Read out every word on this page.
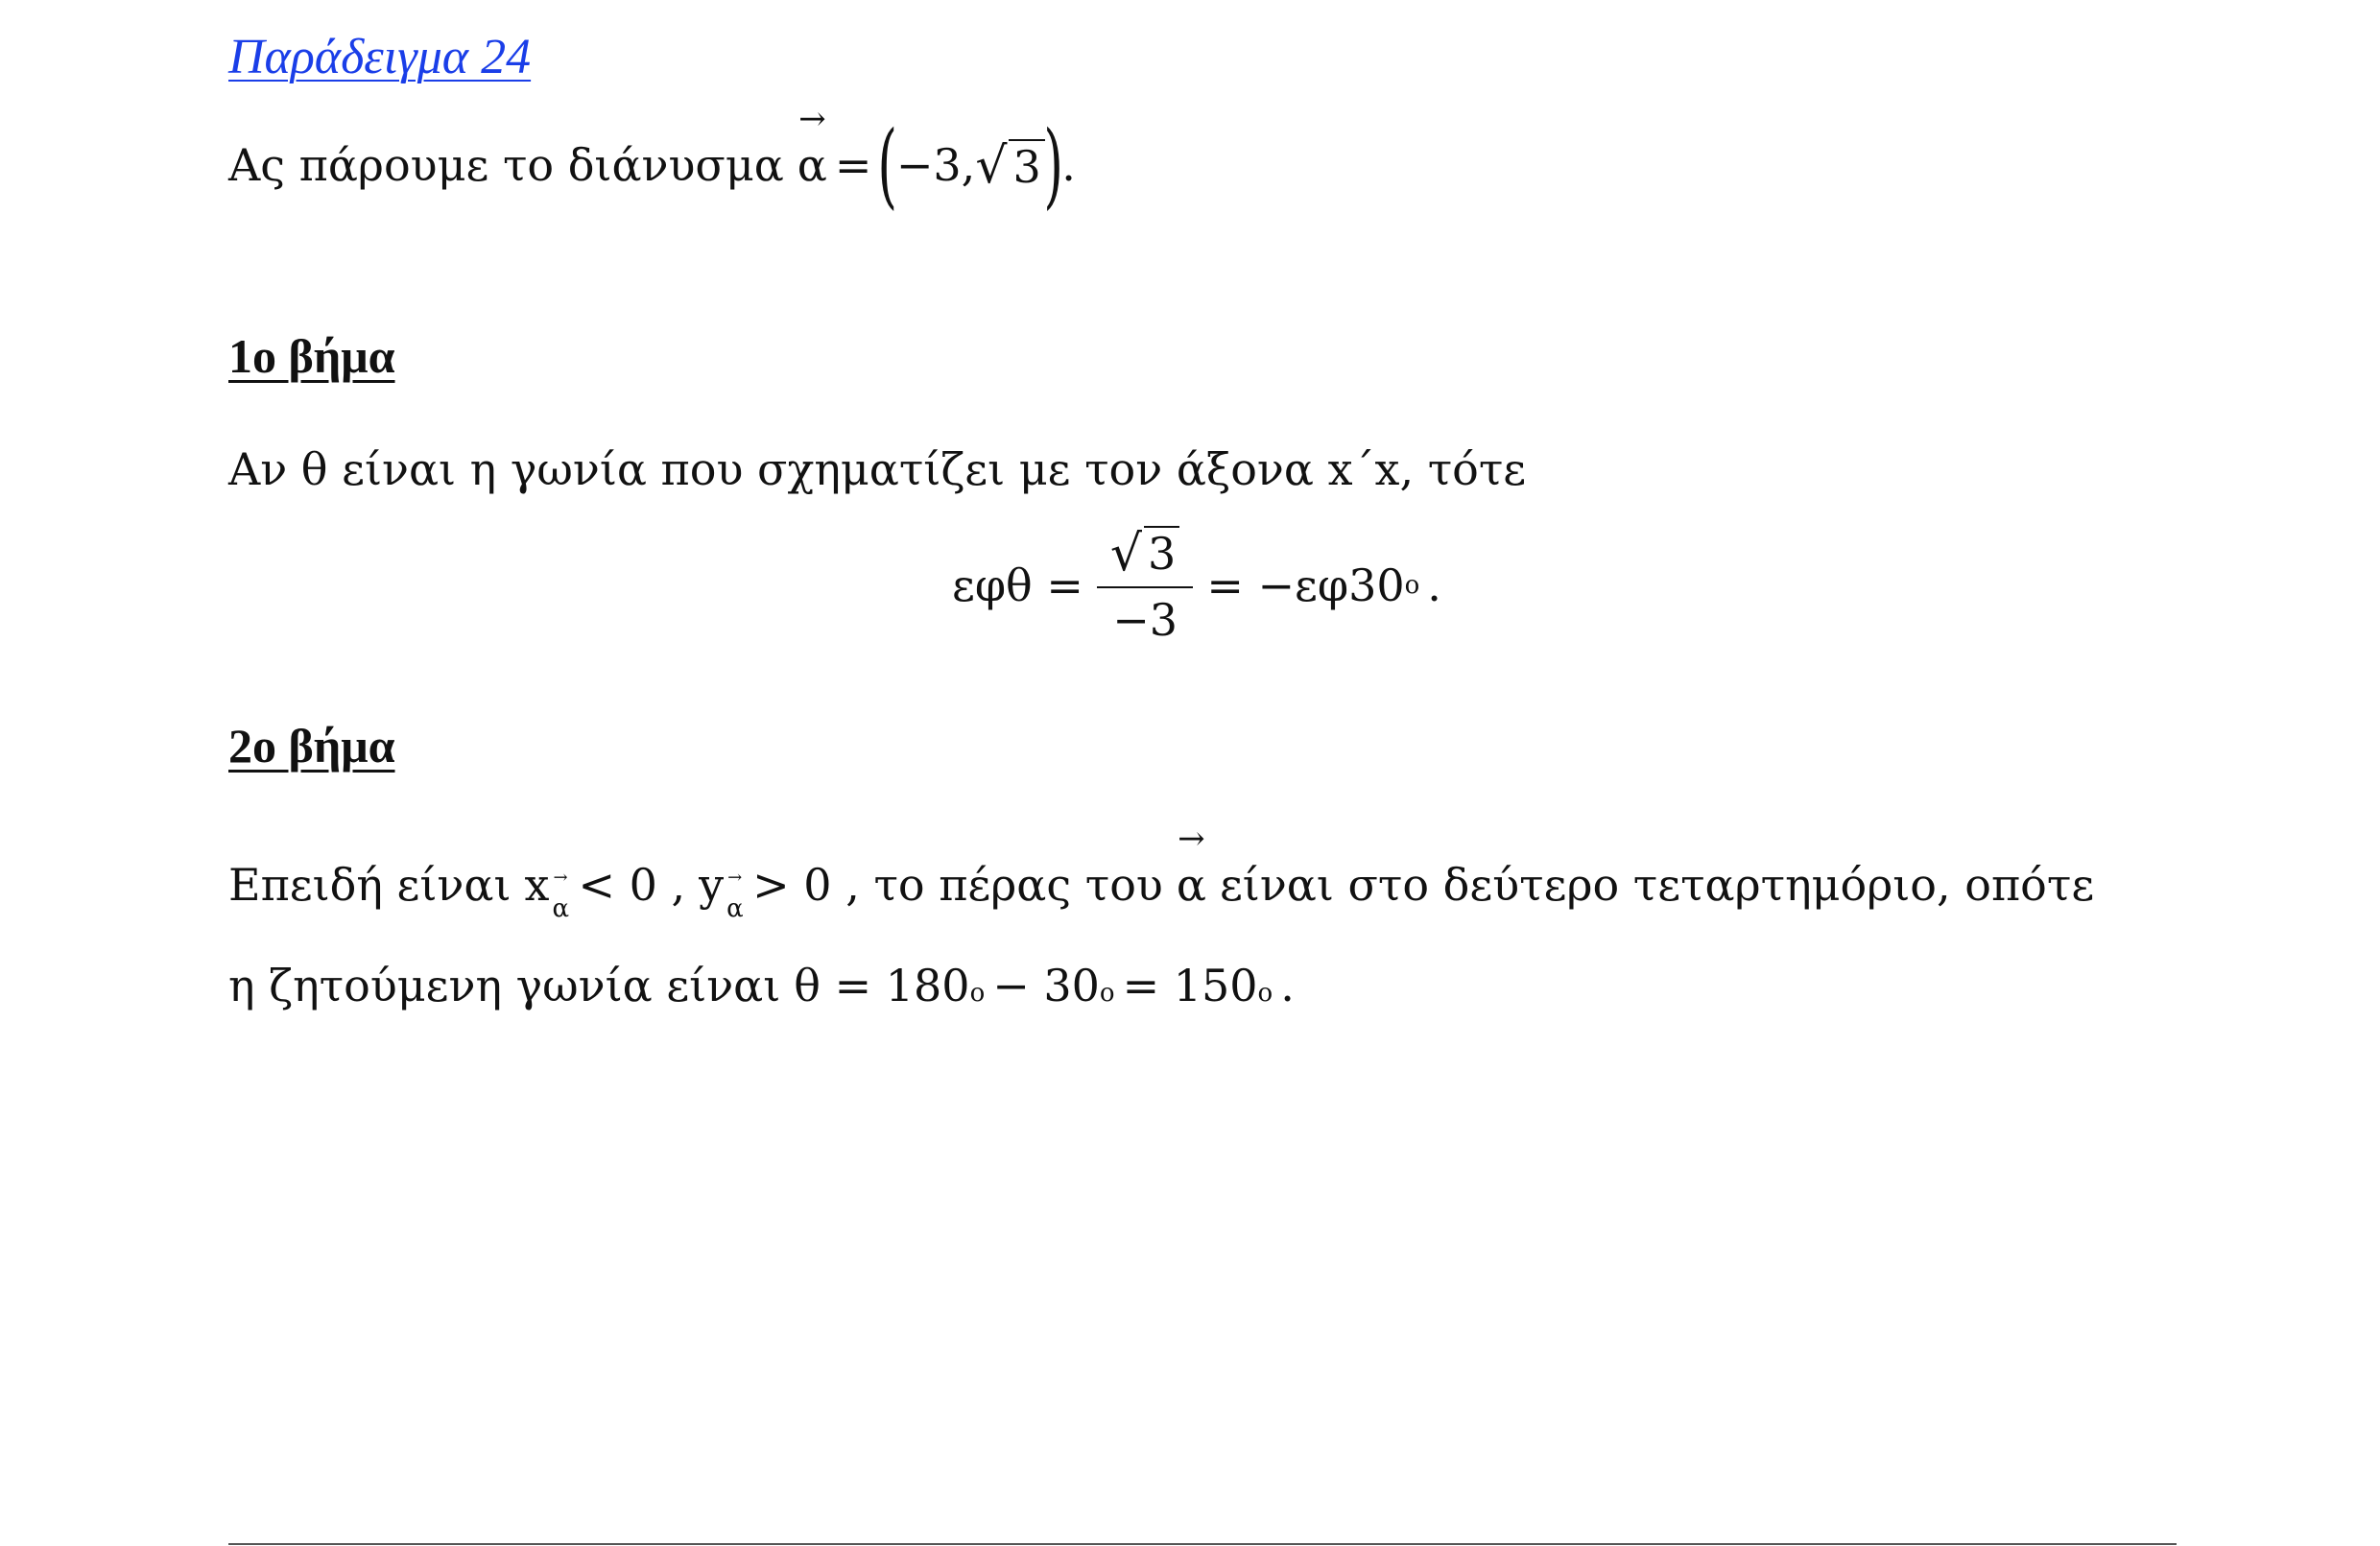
Παράδειγμα 24
Ας πάρουμε το διάνυσμα
→
α = (
−3, √ 3 )
.
1ο βήμα
Αν θ είναι η γωνία που σχηματίζει με τον άξονα x΄x, τότε
$\varepsilon\varphi\theta = \frac{√ 3}{-3} = -\varepsilon\varphi 30$ ο .
2ο βήμα
Επειδή είναι x →
α < 0 , y →
α > 0 , το πέρας του
→
α είναι στο δεύτερο τεταρτημόριο, οπότε
η ζητούμενη γωνία είναι θ = 180 ο − 30 ο = 150 ο .
